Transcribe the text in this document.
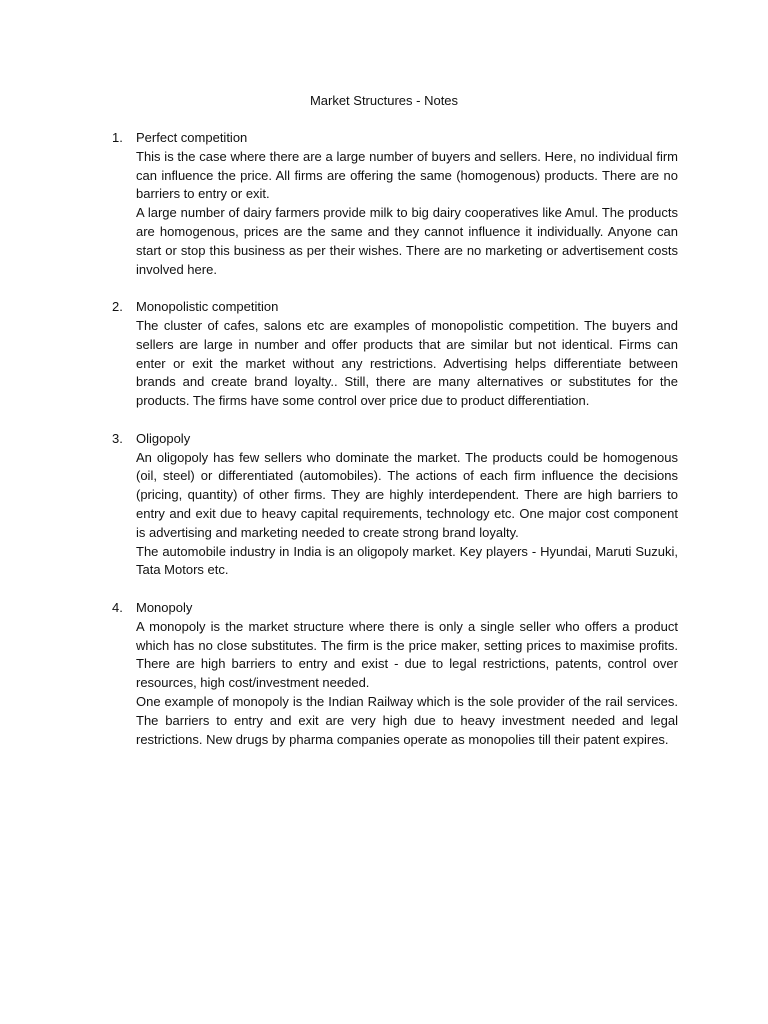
Market Structures - Notes
1. Perfect competition

This is the case where there are a large number of buyers and sellers. Here, no individual firm can influence the price. All firms are offering the same (homogenous) products. There are no barriers to entry or exit.

A large number of dairy farmers provide milk to big dairy cooperatives like Amul. The products are homogenous, prices are the same and they cannot influence it individually. Anyone can start or stop this business as per their wishes. There are no marketing or advertisement costs involved here.

2. Monopolistic competition

The cluster of cafes, salons etc are examples of monopolistic competition. The buyers and sellers are large in number and offer products that are similar but not identical. Firms can enter or exit the market without any restrictions. Advertising helps differentiate between brands and create brand loyalty.. Still, there are many alternatives or substitutes for the products. The firms have some control over price due to product differentiation.

3. Oligopoly

An oligopoly has few sellers who dominate the market. The products could be homogenous (oil, steel) or differentiated (automobiles). The actions of each firm influence the decisions (pricing, quantity) of other firms. They are highly interdependent. There are high barriers to entry and exit due to heavy capital requirements, technology etc. One major cost component is advertising and marketing needed to create strong brand loyalty.

The automobile industry in India is an oligopoly market. Key players - Hyundai, Maruti Suzuki, Tata Motors etc.

4. Monopoly

A monopoly is the market structure where there is only a single seller who offers a product which has no close substitutes. The firm is the price maker, setting prices to maximise profits. There are high barriers to entry and exist - due to legal restrictions, patents, control over resources, high cost/investment needed.

One example of monopoly is the Indian Railway which is the sole provider of the rail services. The barriers to entry and exit are very high due to heavy investment needed and legal restrictions. New drugs by pharma companies operate as monopolies till their patent expires.
